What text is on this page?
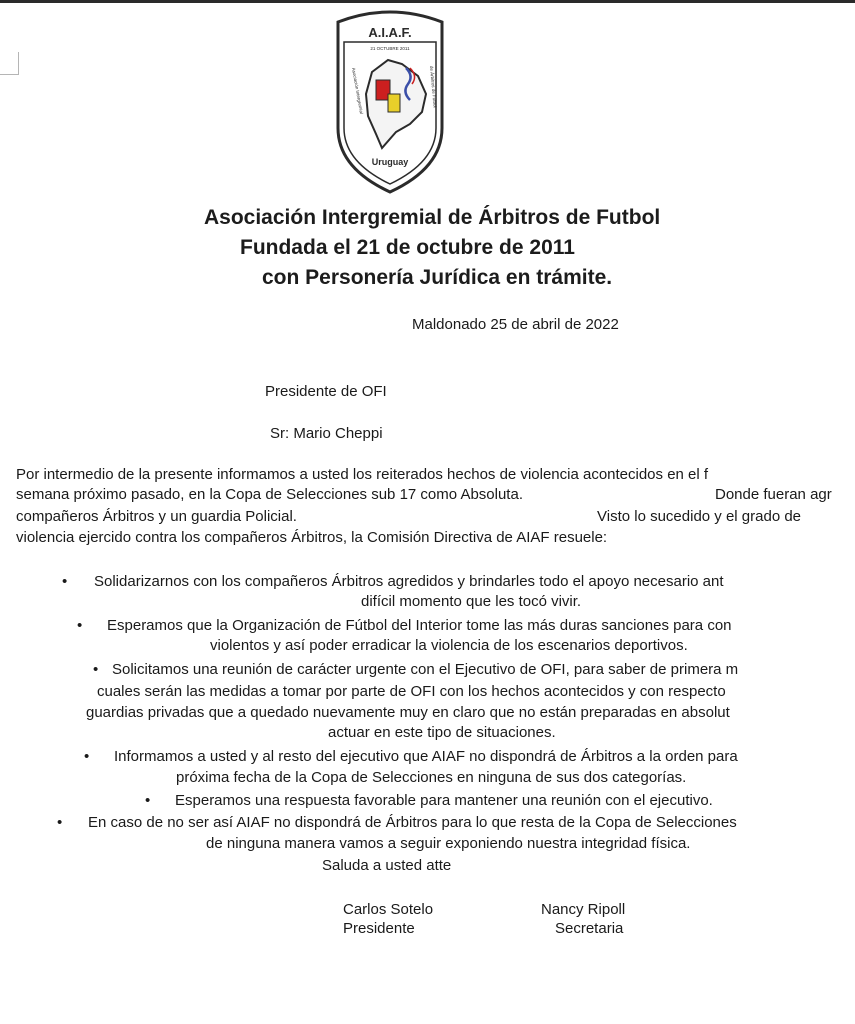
A.I.A.F.
21 OCTUBRE 2011
Uruguay
Asociación Intergremial	de Árbitros de Fútbol
Asociación Intergremial de Árbitros de Futbol
Fundada el 21 de octubre de 2011
con Personería Jurídica en trámite.
Maldonado 25 de abril de 2022
Presidente de OFI
Sr: Mario Cheppi
Por intermedio de la presente informamos a usted los reiterados hechos de violencia acontecidos en el f
semana próximo pasado, en la Copa de Selecciones sub 17 como Absoluta.	Donde fueran agr
compañeros Árbitros y un guardia Policial.	Visto lo sucedido y el grado de
violencia ejercido contra los compañeros Árbitros, la Comisión Directiva de AIAF resuele:
• Solidarizarnos con los compañeros Árbitros agredidos y brindarles todo el apoyo necesario ant
difícil momento que les tocó vivir.
• Esperamos que la Organización de Fútbol del Interior tome las más duras sanciones para con
violentos y así poder erradicar la violencia de los escenarios deportivos.
• Solicitamos una reunión de carácter urgente con el Ejecutivo de OFI, para saber de primera m
cuales serán las medidas a tomar por parte de OFI con los hechos acontecidos y con respecto
guardias privadas que a quedado nuevamente muy en claro que no están preparadas en absolut
actuar en este tipo de situaciones.
• Informamos a usted y al resto del ejecutivo que AIAF no dispondrá de Árbitros a la orden para
próxima fecha de la Copa de Selecciones en ninguna de sus dos categorías.
• Esperamos una respuesta favorable para mantener una reunión con el ejecutivo.
• En caso de no ser así AIAF no dispondrá de Árbitros para lo que resta de la Copa de Selecciones
de ninguna manera vamos a seguir exponiendo nuestra integridad física.
Saluda a usted atte
Carlos Sotelo
Presidente
Nancy Ripoll
Secretaria
